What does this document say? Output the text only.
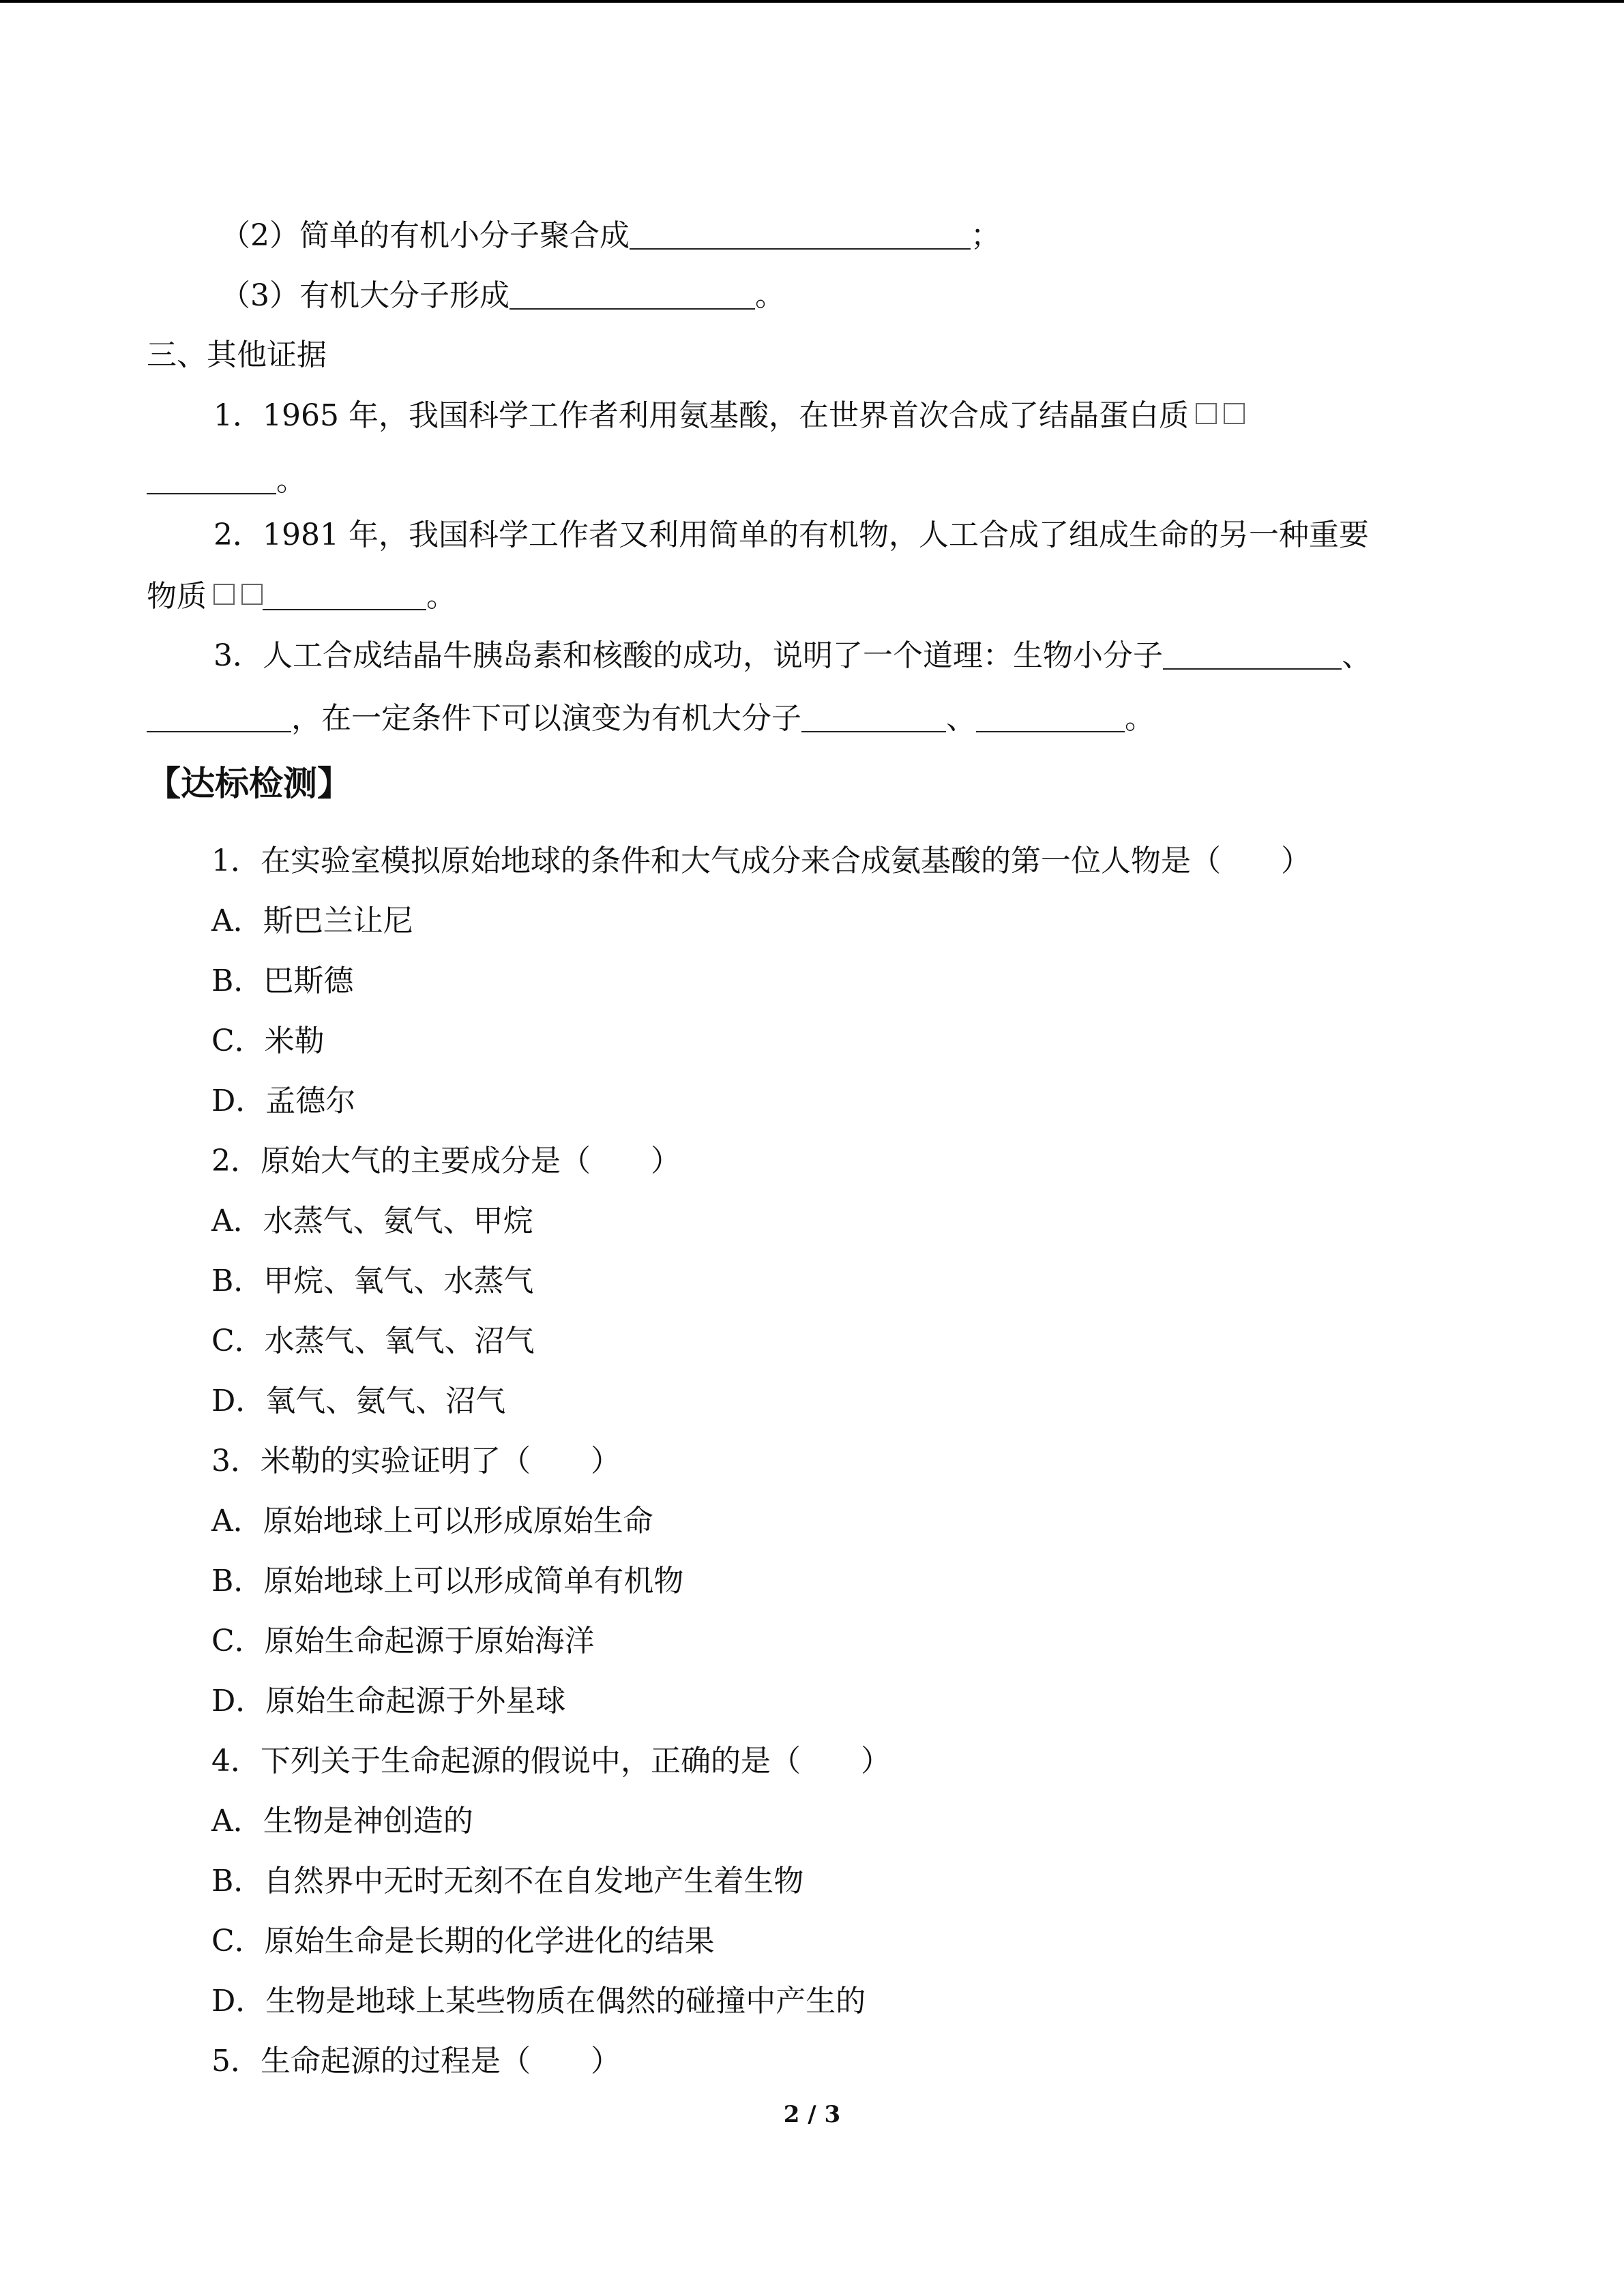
（2）简单的有机小分子聚合成	；
（3）有机大分子形成	。
三、其他证据
1．1965 年，我国科学工作者利用氨基酸，在世界首次合成了结晶蛋白质
。
2．1981 年，我国科学工作者又利用简单的有机物，人工合成了组成生命的另一种重要
物质	。
3．人工合成结晶牛胰岛素和核酸的成功，说明了一个道理：生物小分子	、
，在一定条件下可以演变为有机大分子	、	。
【达标检测】
1．在实验室模拟原始地球的条件和大气成分来合成氨基酸的第一位人物是（　　）
A．斯巴兰让尼
B．巴斯德
C．米勒
D．孟德尔
2．原始大气的主要成分是（　　）
A．水蒸气、氨气、甲烷
B．甲烷、氧气、水蒸气
C．水蒸气、氧气、沼气
D．氧气、氨气、沼气
3．米勒的实验证明了（　　）
A．原始地球上可以形成原始生命
B．原始地球上可以形成简单有机物
C．原始生命起源于原始海洋
D．原始生命起源于外星球
4．下列关于生命起源的假说中，正确的是（　　）
A．生物是神创造的
B．自然界中无时无刻不在自发地产生着生物
C．原始生命是长期的化学进化的结果
D．生物是地球上某些物质在偶然的碰撞中产生的
5．生命起源的过程是（　　）
2 / 3
